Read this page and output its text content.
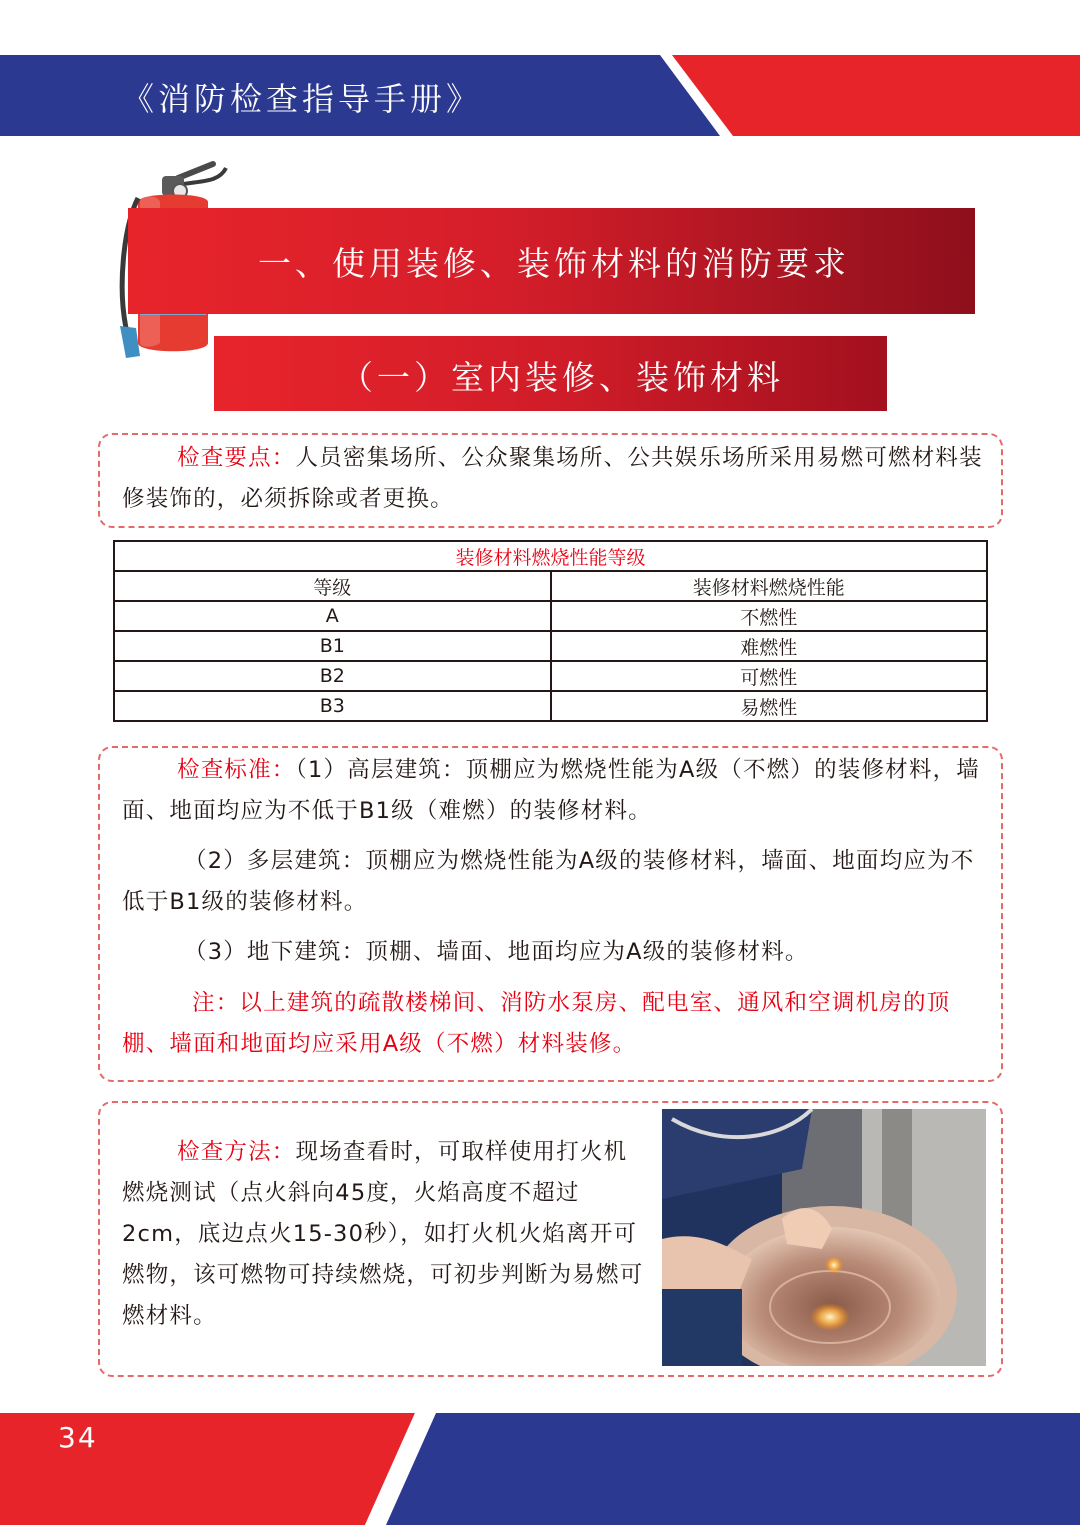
《消防检查指导手册》
一、使用装修、装饰材料的消防要求
（一）室内装修、装饰材料
检查要点：人员密集场所、公众聚集场所、公共娱乐场所采用易燃可燃材料装修装饰的，必须拆除或者更换。
装修材料燃烧性能等级	
等级	装修材料燃烧性能
A	不燃性
B1	难燃性
B2	可燃性
B3	易燃性
检查标准：（1）高层建筑：顶棚应为燃烧性能为A级（不燃）的装修材料，墙面、地面均应为不低于B1级（难燃）的装修材料。
（2）多层建筑：顶棚应为燃烧性能为A级的装修材料，墙面、地面均应为不低于B1级的装修材料。
（3）地下建筑：顶棚、墙面、地面均应为A级的装修材料。
注：以上建筑的疏散楼梯间、消防水泵房、配电室、通风和空调机房的顶棚、墙面和地面均应采用A级（不燃）材料装修。
检查方法：现场查看时，可取样使用打火机燃烧测试（点火斜向45度，火焰高度不超过2cm，底边点火15-30秒），如打火机火焰离开可燃物，该可燃物可持续燃烧，可初步判断为易燃可燃材料。
34
